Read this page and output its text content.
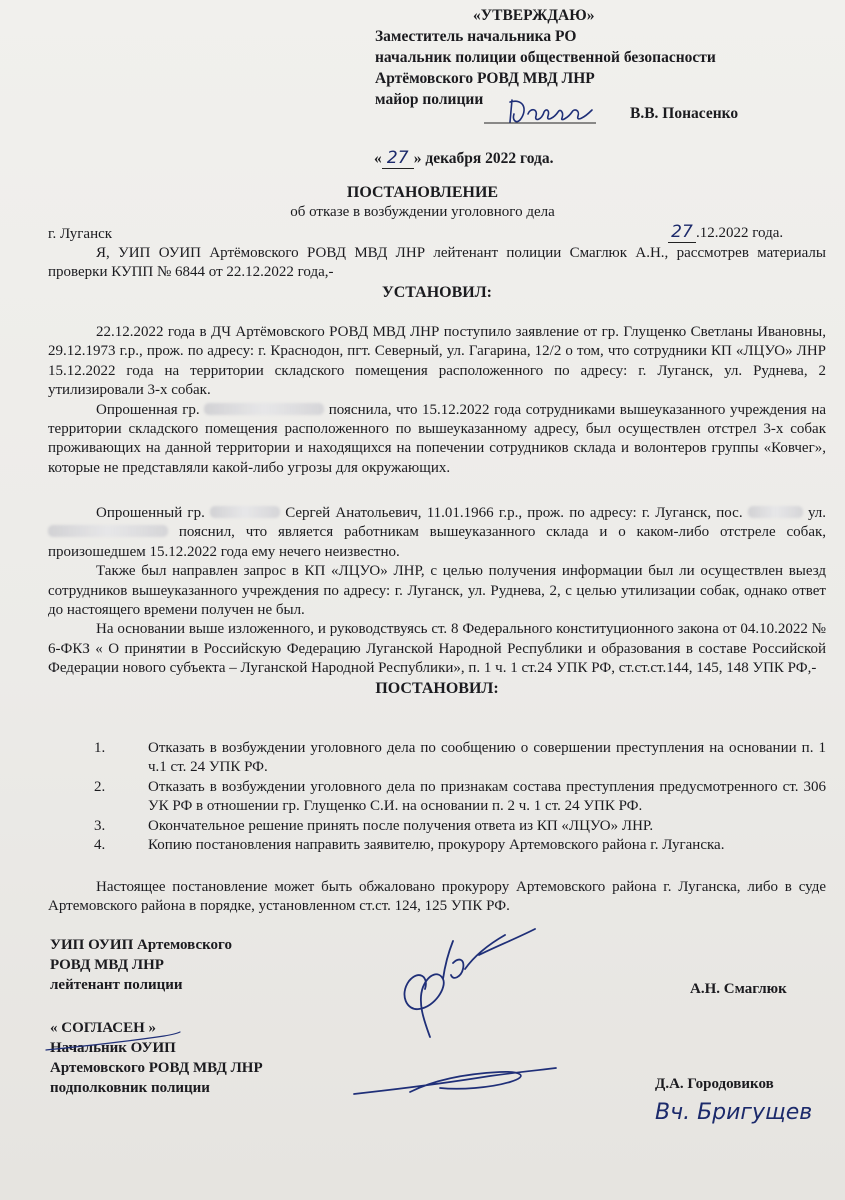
«УТВЕРЖДАЮ»
Заместитель начальника РО
начальник полиции общественной безопасности
Артёмовского РОВД МВД ЛНР
майор полиции
В.В. Понасенко
« 27 » декабря 2022 года.
ПОСТАНОВЛЕНИЕ
об отказе в возбуждении уголовного дела
г. Луганск	27 .12.2022 года.

Я, УИП ОУИП Артёмовского РОВД МВД ЛНР лейтенант полиции Смаглюк А.Н., рассмотрев материалы проверки КУПП № 6844 от 22.12.2022 года,-

УСТАНОВИЛ:

22.12.2022 года в ДЧ Артёмовского РОВД МВД ЛНР поступило заявление от гр. Глущенко Светланы Ивановны, 29.12.1973 г.р., прож. по адресу: г. Краснодон, пгт. Северный, ул. Гагарина, 12/2 о том, что сотрудники КП «ЛЦУО» ЛНР 15.12.2022 года на территории складского помещения расположенного по адресу: г. Луганск, ул. Руднева, 2 утилизировали 3-х собак.

Опрошенная гр.	пояснила, что 15.12.2022 года сотрудниками вышеуказанного учреждения на территории складского помещения расположенного по вышеуказанному адресу, был осуществлен отстрел 3-х собак проживающих на данной территории и находящихся на попечении сотрудников склада и волонтеров группы «Ковчег», которые не представляли какой-либо угрозы для окружающих.

Опрошенный гр.	Сергей Анатольевич, 11.01.1966 г.р., прож. по адресу: г. Луганск, пос.	ул.  пояснил, что является работникам вышеуказанного склада и о каком-либо отстреле собак, произошедшем 15.12.2022 года ему нечего неизвестно.

Также был направлен запрос в КП «ЛЦУО» ЛНР, с целью получения информации был ли осуществлен выезд сотрудников вышеуказанного учреждения по адресу: г. Луганск, ул. Руднева, 2, с целью утилизации собак, однако ответ до настоящего времени получен не был.

На основании выше изложенного, и руководствуясь ст. 8 Федерального конституционного закона от 04.10.2022 № 6-ФКЗ « О принятии в Российскую Федерацию Луганской Народной Республики и образования в составе Российской Федерации нового субъекта – Луганской Народной Республики», п. 1 ч. 1 ст.24 УПК РФ, ст.ст.ст.144, 145, 148 УПК РФ,-

ПОСТАНОВИЛ:

1.	Отказать в возбуждении уголовного дела по сообщению о совершении преступления на основании п. 1 ч.1 ст. 24 УПК РФ.
2.	Отказать в возбуждении уголовного дела по признакам состава преступления предусмотренного ст. 306 УК РФ в отношении гр. Глущенко С.И. на основании п. 2 ч. 1 ст. 24 УПК РФ.
3.	Окончательное решение принять после получения ответа из КП «ЛЦУО» ЛНР.
4.	Копию постановления направить заявителю, прокурору Артемовского района г. Луганска.

Настоящее постановление может быть обжаловано прокурору Артемовского района г. Луганска, либо в суде Артемовского района в порядке, установленном ст.ст. 124, 125 УПК РФ.

УИП ОУИП Артемовского
РОВД МВД ЛНР
лейтенант полиции	А.Н. Смаглюк
« СОГЛАСЕН »
Начальник ОУИП
Артемовского РОВД МВД ЛНР
подполковник полиции	Д.А. Городовиков
Вч. Бригущев
